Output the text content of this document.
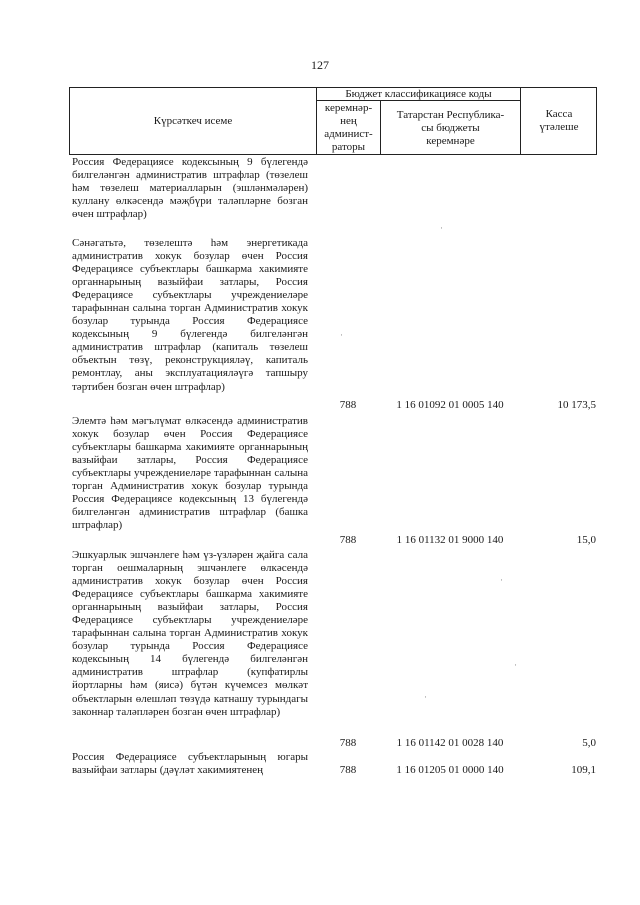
127
Күрсәткеч исеме
Бюджет классификациясе коды
керемнәр-
нең
админист-
раторы
Татарстан Республика-
сы бюджеты
керемнәре
Касса
үтәлеше
Россия Федерациясе кодексының 9 бүлегендә билгеләнгән административ штрафлар (төзелеш һәм төзелеш материалларын (эшләнмәләрен) куллану өлкәсендә мәҗбүри таләпләрне бозган өчен штрафлар)
Сәнәгатьтә, төзелештә һәм энергетикада административ хокук бозулар өчен Россия Федерациясе субъектлары башкарма хакимияте органнарының вазыйфаи затлары, Россия Федерациясе субъектлары учреждениеләре тарафыннан салына торган Административ хокук бозулар турында Россия Федерациясе кодексының 9 бүлегендә билгеләнгән административ штрафлар (капиталь төзелеш объектын төзү, реконструкцияләү, капиталь ремонтлау, аны эксплуатацияләүгә тапшыру тәртибен бозган өчен штрафлар)
788	1 16 01092 01 0005 140	10 173,5
Элемтә һәм мәгълүмат өлкәсендә административ хокук бозулар өчен Россия Федерациясе субъектлары башкарма хакимияте органнарының вазыйфаи затлары, Россия Федерациясе субъектлары учреждениеләре тарафыннан салына торган Административ хокук бозулар турында Россия Федерациясе кодексының 13 бүлегендә билгеләнгән административ штрафлар (башка штрафлар)
788	1 16 01132 01 9000 140	15,0
Эшкуарлык эшчәнлеге һәм үз-үзләрен җайга сала торган оешмаларның эшчәнлеге өлкәсендә административ хокук бозулар өчен Россия Федерациясе субъектлары башкарма хакимияте органнарының вазыйфаи затлары, Россия Федерациясе субъектлары учреждениеләре тарафыннан салына торган Административ хокук бозулар турында Россия Федерациясе кодексының 14 бүлегендә билгеләнгән административ штрафлар (купфатирлы йортларны һәм (яисә) бүтән күчемсез мөлкәт объектларын өлешләп төзүдә катнашу турындагы законнар таләпләрен бозган өчен штрафлар)
788	1 16 01142 01 0028 140	5,0
Россия Федерациясе субъектларының югары вазыйфаи затлары (дәүләт хакимиятенең	788	1 16 01205 01 0000 140	109,1
·
·
·
·
·
